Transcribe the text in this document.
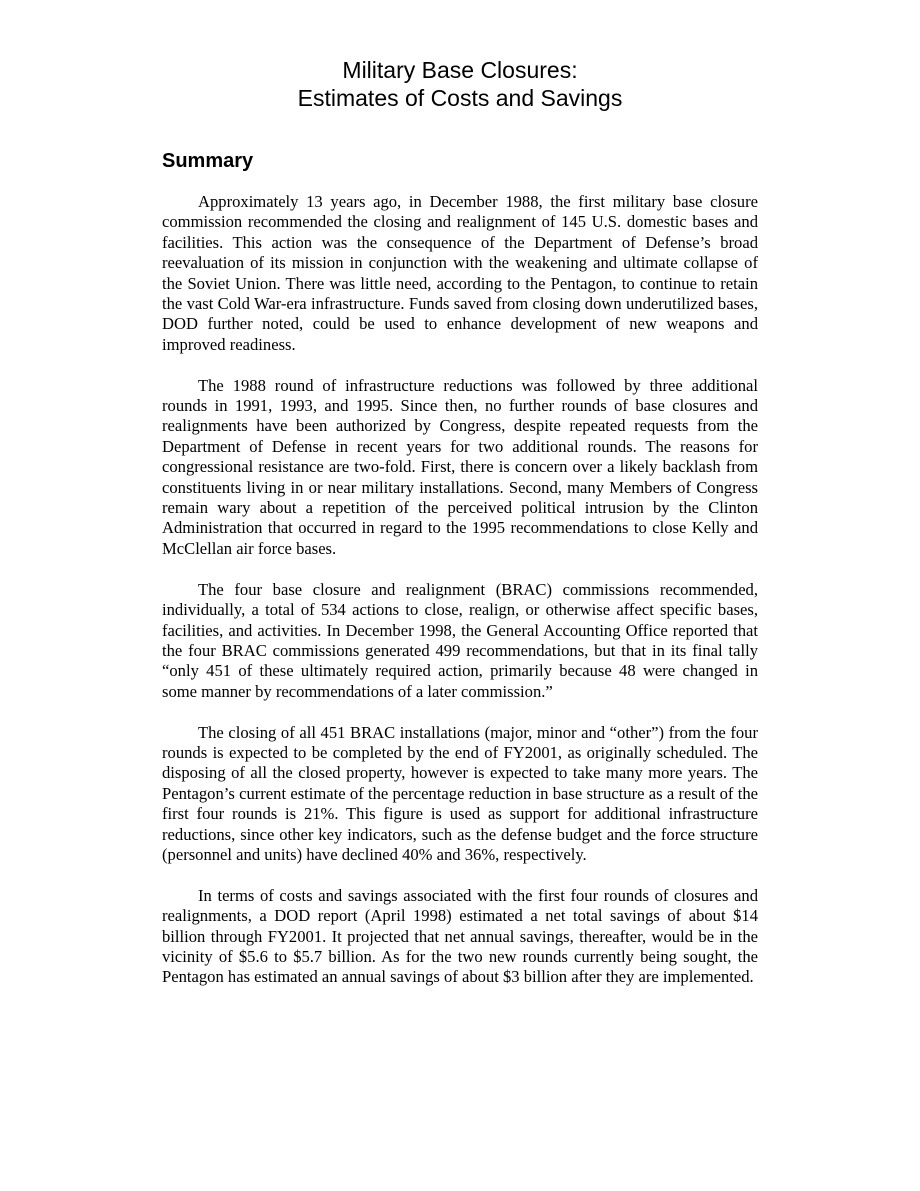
Military Base Closures:
Estimates of Costs and Savings
Summary

Approximately 13 years ago, in December 1988, the first military base closure commission recommended the closing and realignment of 145 U.S. domestic bases and facilities. This action was the consequence of the Department of Defense’s broad reevaluation of its mission in conjunction with the weakening and ultimate collapse of the Soviet Union. There was little need, according to the Pentagon, to continue to retain the vast Cold War-era infrastructure. Funds saved from closing down underutilized bases, DOD further noted, could be used to enhance development of new weapons and improved readiness.

The 1988 round of infrastructure reductions was followed by three additional rounds in 1991, 1993, and 1995. Since then, no further rounds of base closures and realignments have been authorized by Congress, despite repeated requests from the Department of Defense in recent years for two additional rounds. The reasons for congressional resistance are two-fold. First, there is concern over a likely backlash from constituents living in or near military installations. Second, many Members of Congress remain wary about a repetition of the perceived political intrusion by the Clinton Administration that occurred in regard to the 1995 recommendations to close Kelly and McClellan air force bases.

The four base closure and realignment (BRAC) commissions recommended, individually, a total of 534 actions to close, realign, or otherwise affect specific bases, facilities, and activities. In December 1998, the General Accounting Office reported that the four BRAC commissions generated 499 recommendations, but that in its final tally “only 451 of these ultimately required action, primarily because 48 were changed in some manner by recommendations of a later commission.”

The closing of all 451 BRAC installations (major, minor and “other”) from the four rounds is expected to be completed by the end of FY2001, as originally scheduled. The disposing of all the closed property, however is expected to take many more years. The Pentagon’s current estimate of the percentage reduction in base structure as a result of the first four rounds is 21%. This figure is used as support for additional infrastructure reductions, since other key indicators, such as the defense budget and the force structure (personnel and units) have declined 40% and 36%, respectively.

In terms of costs and savings associated with the first four rounds of closures and realignments, a DOD report (April 1998) estimated a net total savings of about $14 billion through FY2001. It projected that net annual savings, thereafter, would be in the vicinity of $5.6 to $5.7 billion. As for the two new rounds currently being sought, the Pentagon has estimated an annual savings of about $3 billion after they are implemented.
